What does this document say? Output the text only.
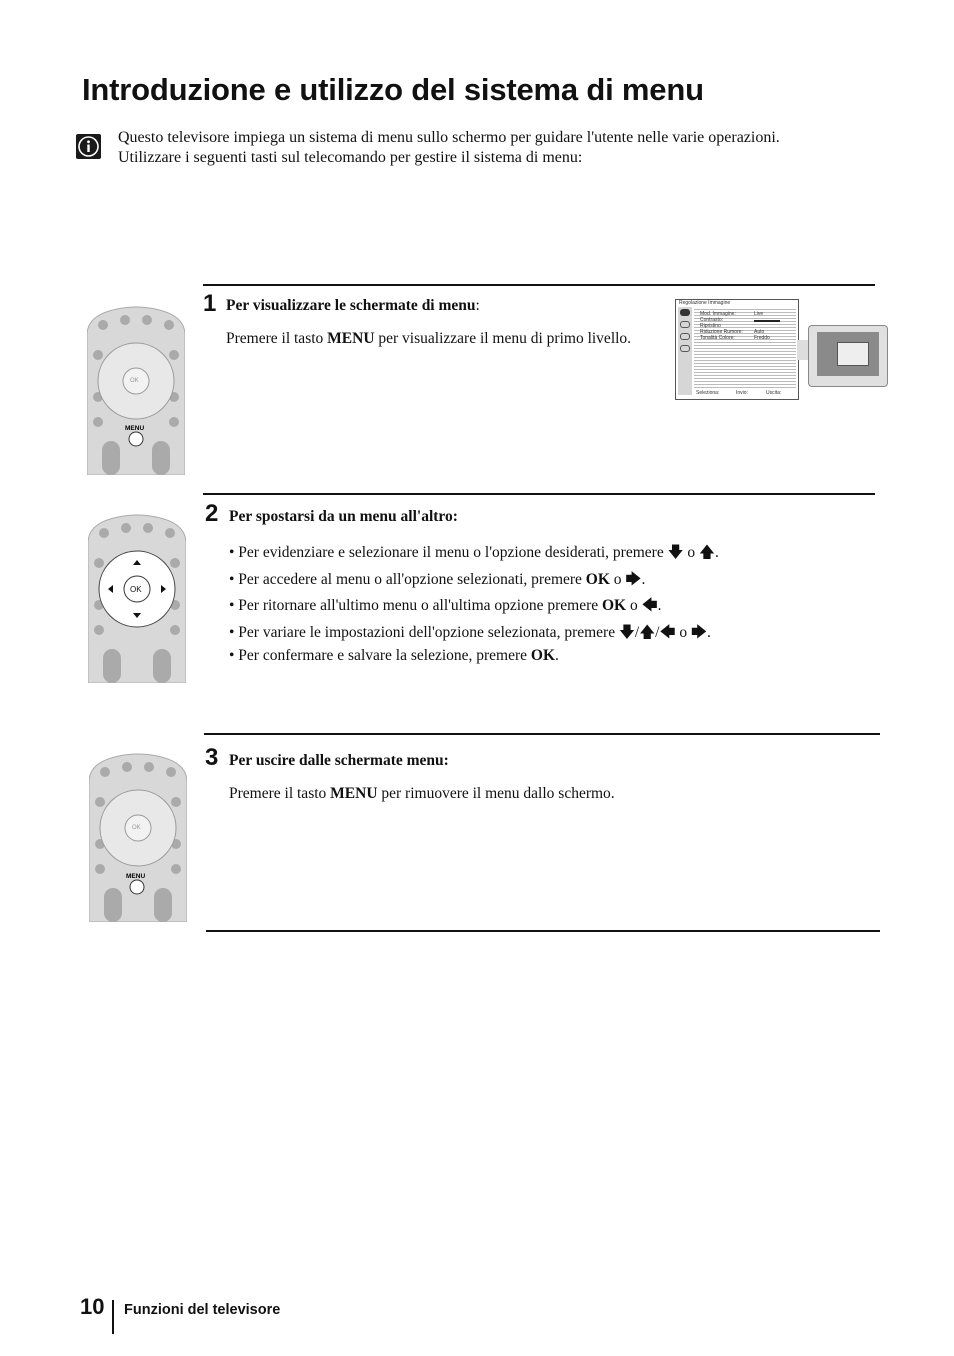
Introduzione e utilizzo del sistema di menu
Questo televisore impiega un sistema di menu sullo schermo per guidare l'utente nelle varie operazioni.
Utilizzare i seguenti tasti sul telecomando per gestire il sistema di menu:
MENU
OK
1 Per visualizzare le schermate di menu:
Premere il tasto MENU per visualizzare il menu di primo livello.
Regolazione Immagine
Mod. Immagine:	Live
Contrasto:
Ripristino
Riduzione Rumore: Auto
Tonalità Colore:	Freddo
Seleziona:	Invio:	Uscita:
OK
2 Per spostarsi da un menu all'altro:
• Per evidenziare e selezionare il menu o l'opzione desiderati, premere 🡇 o 🡅.
• Per accedere al menu o all'opzione selezionati, premere OK o 🡆.
• Per ritornare all'ultimo menu o all'ultima opzione premere OK o 🡄.
• Per variare le impostazioni dell'opzione selezionata, premere 🡇/🡅/🡄 o 🡆.
• Per confermare e salvare la selezione, premere OK.
MENU
OK
3 Per uscire dalle schermate menu:
Premere il tasto MENU per rimuovere il menu dallo schermo.
10 Funzioni del televisore
